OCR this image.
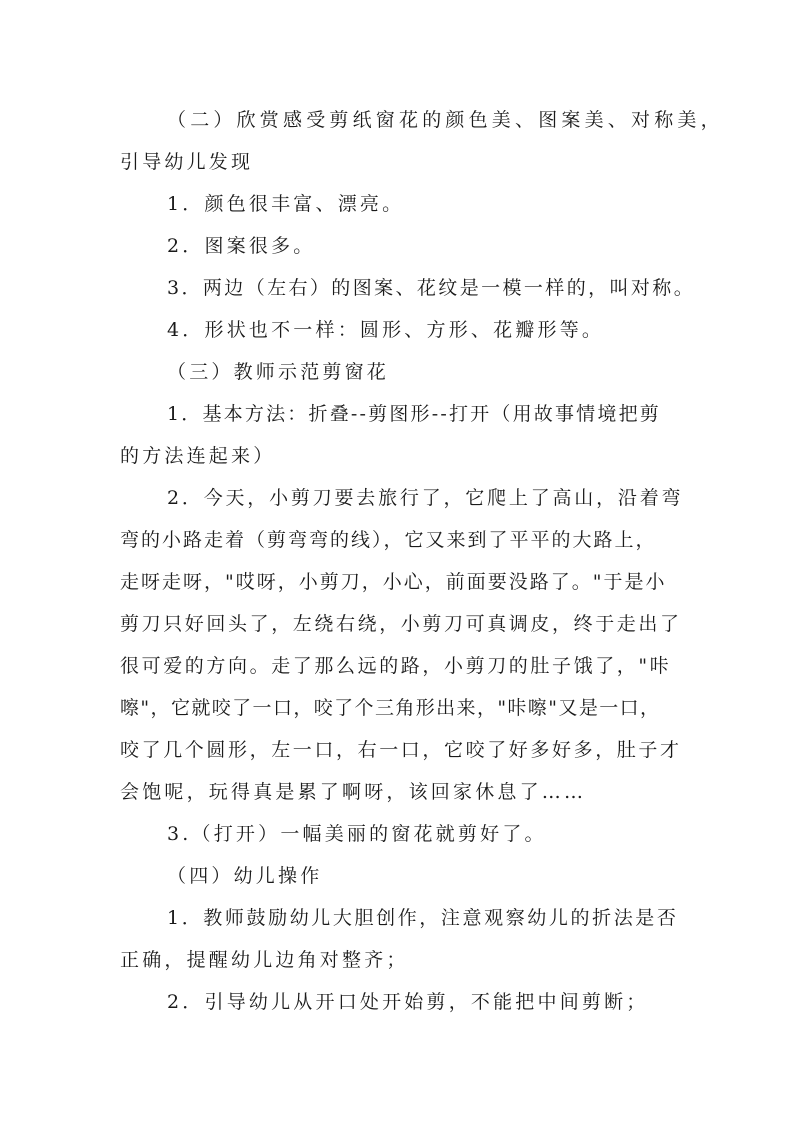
（二）欣赏感受剪纸窗花的颜色美、图案美、对称美，
引导幼儿发现
1．颜色很丰富、漂亮。
2．图案很多。
3．两边（左右）的图案、花纹是一模一样的，叫对称。
4．形状也不一样：圆形、方形、花瓣形等。
（三）教师示范剪窗花
1．基本方法：折叠--剪图形--打开（用故事情境把剪
的方法连起来）
2．今天，小剪刀要去旅行了，它爬上了高山，沿着弯
弯的小路走着（剪弯弯的线），它又来到了平平的大路上，
走呀走呀，"哎呀，小剪刀，小心，前面要没路了。"于是小
剪刀只好回头了，左绕右绕，小剪刀可真调皮，终于走出了
很可爱的方向。走了那么远的路，小剪刀的肚子饿了，"咔
嚓"，它就咬了一口，咬了个三角形出来，"咔嚓"又是一口，
咬了几个圆形，左一口，右一口，它咬了好多好多，肚子才
会饱呢，玩得真是累了啊呀，该回家休息了……
3.（打开）一幅美丽的窗花就剪好了。
（四）幼儿操作
1．教师鼓励幼儿大胆创作，注意观察幼儿的折法是否
正确，提醒幼儿边角对整齐；
2．引导幼儿从开口处开始剪，不能把中间剪断；
